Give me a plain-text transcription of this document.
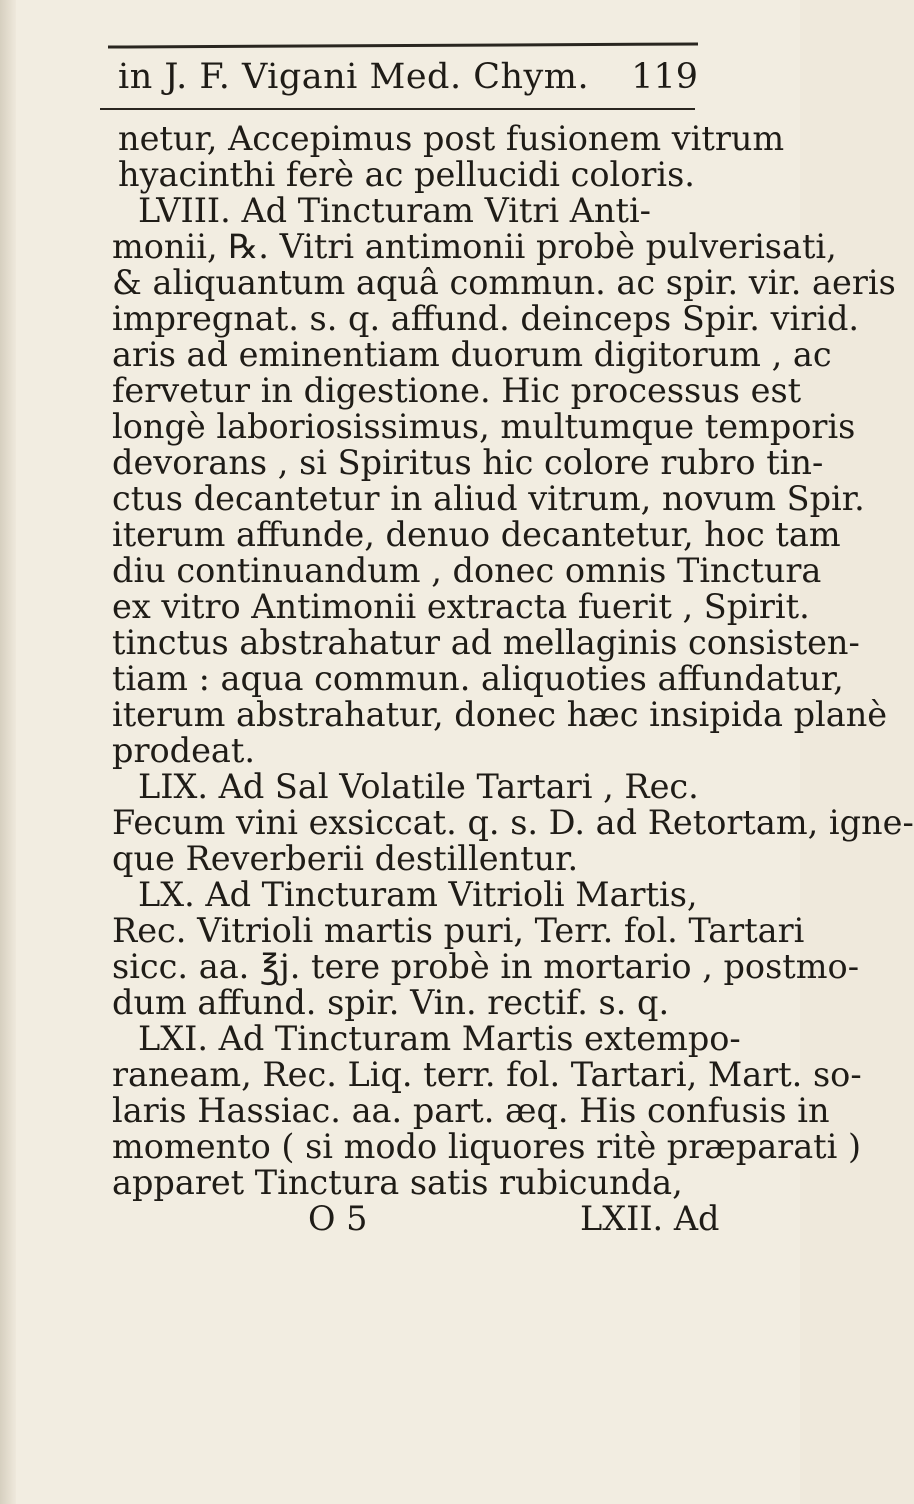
in J. F. Vigani Med. Chym. 119
netur, Accepimus post fusionem vitrum
hyacinthi ferè ac pellucidi coloris.
LVIII. Ad Tincturam Vitri Anti-
monii, ℞. Vitri antimonii probè pulverisati,
& aliquantum aquâ commun. ac spir. vir. aeris
impregnat. s. q. affund. deinceps Spir. virid.
aris ad eminentiam duorum digitorum , ac
fervetur in digestione. Hic processus est
longè laboriosissimus, multumque temporis
devorans , si Spiritus hic colore rubro tin-
ctus decantetur in aliud vitrum, novum Spir.
iterum affunde, denuo decantetur, hoc tam
diu continuandum , donec omnis Tinctura
ex vitro Antimonii extracta fuerit , Spirit.
tinctus abstrahatur ad mellaginis consisten-
tiam : aqua commun. aliquoties affundatur,
iterum abstrahatur, donec hæc insipida planè
prodeat.
LIX. Ad Sal Volatile Tartari , Rec.
Fecum vini exsiccat. q. s. D. ad Retortam, igne-
que Reverberii destillentur.
LX. Ad Tincturam Vitrioli Martis,
Rec. Vitrioli martis puri, Terr. fol. Tartari
sicc. aa. ℥j. tere probè in mortario , postmo-
dum affund. spir. Vin. rectif. s. q.
LXI. Ad Tincturam Martis extempo-
raneam, Rec. Liq. terr. fol. Tartari, Mart. so-
laris Hassiac. aa. part. æq. His confusis in
momento ( si modo liquores ritè præparati )
apparet Tinctura satis rubicunda,
O 5	LXII. Ad
